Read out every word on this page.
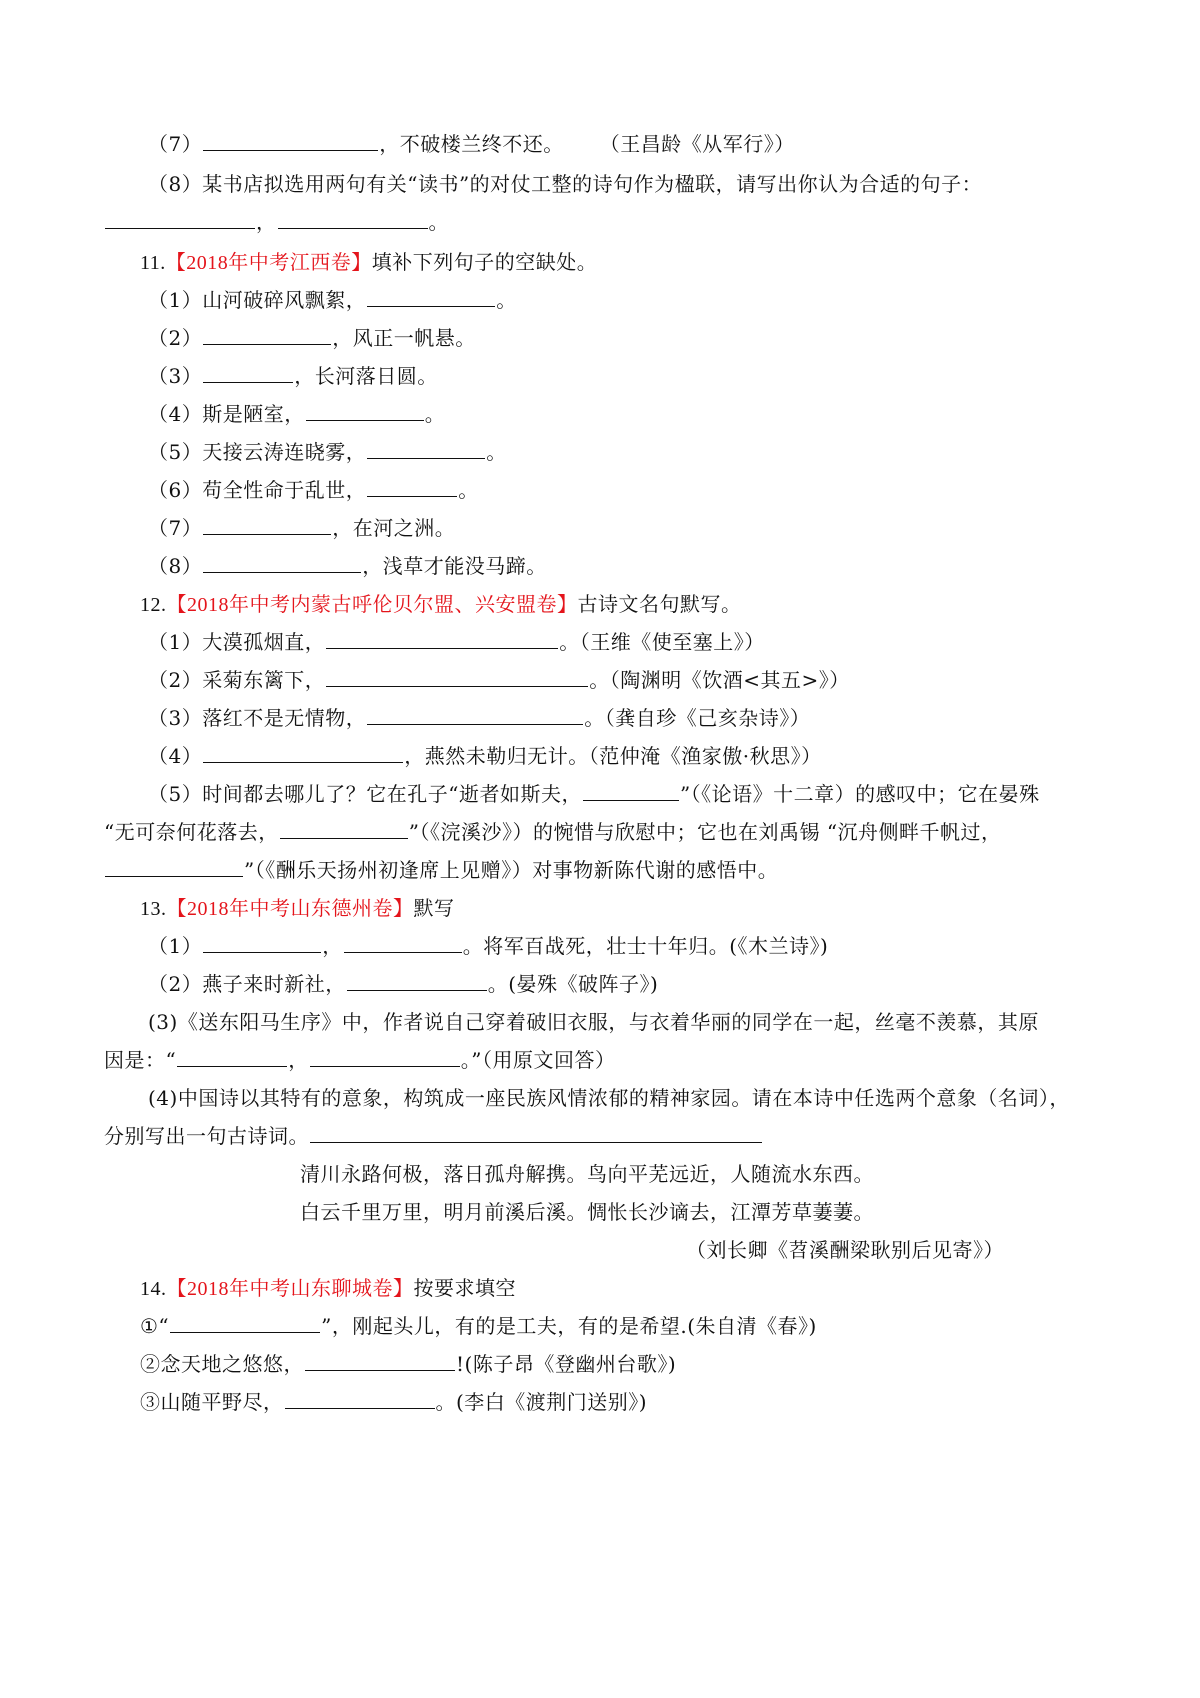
（7）	，不破楼兰终不还。 （王昌龄《从军行》）
（8）某书店拟选用两句有关“读书”的对仗工整的诗句作为楹联，请写出你认为合适的句子：
，	。
11.【2018年中考江西卷】填补下列句子的空缺处。
（1）山河破碎风飘絮，	。
（2）	，风正一帆悬。
（3）	，长河落日圆。
（4）斯是陋室，	。
（5）天接云涛连晓雾，	。
（6）苟全性命于乱世，	。
（7）	，在河之洲。
（8）	，浅草才能没马蹄。
12.【2018年中考内蒙古呼伦贝尔盟、兴安盟卷】古诗文名句默写。
（1）大漠孤烟直，	。（王维《使至塞上》）
（2）采菊东篱下，	。（陶渊明《饮酒<其五>》）
（3）落红不是无情物，	。（龚自珍《己亥杂诗》）
（4）	，燕然未勒归无计。（范仲淹《渔家傲·秋思》）
（5）时间都去哪儿了？它在孔子“逝者如斯夫，	”（《论语》十二章）的感叹中；它在晏殊
“无可奈何花落去，	”（《浣溪沙》）的惋惜与欣慰中；它也在刘禹锡 “沉舟侧畔千帆过，
”（《酬乐天扬州初逢席上见赠》）对事物新陈代谢的感悟中。
13.【2018年中考山东德州卷】默写
（1）	，	。将军百战死，壮士十年归。(《木兰诗》)
（2）燕子来时新社，	。(晏殊《破阵子》)
(3)《送东阳马生序》中，作者说自己穿着破旧衣服，与衣着华丽的同学在一起，丝毫不羡慕，其原
因是：“	，	。”（用原文回答）
(4)中国诗以其特有的意象，构筑成一座民族风情浓郁的精神家园。请在本诗中任选两个意象（名词），
分别写出一句古诗词。
清川永路何极，落日孤舟解携。鸟向平芜远近，人随流水东西。
白云千里万里，明月前溪后溪。惆怅长沙谪去，江潭芳草萋萋。
（刘长卿《苕溪酬梁耿别后见寄》）
14.【2018年中考山东聊城卷】按要求填空
①“	”，刚起头儿，有的是工夫，有的是希望.(朱自清《春》)
②念天地之悠悠，	!(陈子昂《登幽州台歌》)
③山随平野尽，	。(李白《渡荆门送别》)
